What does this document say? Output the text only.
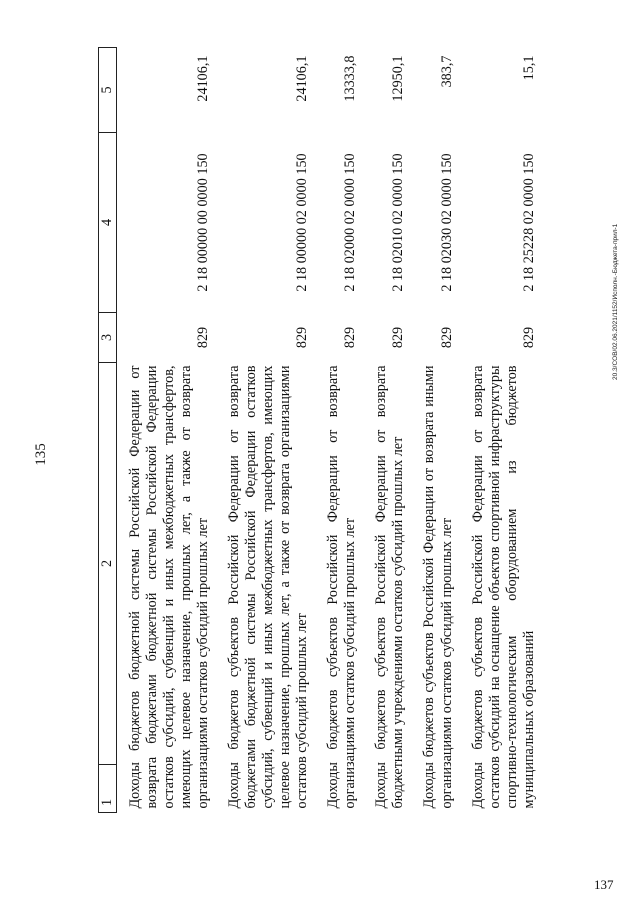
135
20.3/COB/02.06.2021/1152/Исполн.-Бюджета-прил-1
137
1	2	3	4	5
Доходы бюджетов бюджетной системы Российской Федерации от возврата бюджетами бюджетной системы Российской Федерации остатков субсидий, субвенций и иных межбюджетных трансфертов, имеющих целевое назначение, прошлых лет, а также от возврата организациями остатков субсидий прошлых лет		829	2 18 00000 00 0000 150	24106,1
Доходы бюджетов субъектов Российской Федерации от возврата бюджетами бюджетной системы Российской Федерации остатков субсидий, субвенций и иных межбюджетных трансфертов, имеющих целевое назначение, прошлых лет, а также от возврата организациями остатков субсидий прошлых лет		829	2 18 00000 02 0000 150	24106,1
Доходы бюджетов субъектов Российской Федерации от возврата организациями остатков субсидий прошлых лет		829	2 18 02000 02 0000 150	13333,8
Доходы бюджетов субъектов Российской Федерации от возврата бюджетными учреждениями остатков субсидий прошлых лет		829	2 18 02010 02 0000 150	12950,1
Доходы бюджетов субъектов Российской Федерации от возврата иными организациями остатков субсидий прошлых лет		829	2 18 02030 02 0000 150	383,7
Доходы бюджетов субъектов Российской Федерации от возврата остатков субсидий на оснащение объектов спортивной инфраструктуры спортивно-технологическим оборудованием из бюджетов муниципальных образований		829	2 18 25228 02 0000 150	15,1
